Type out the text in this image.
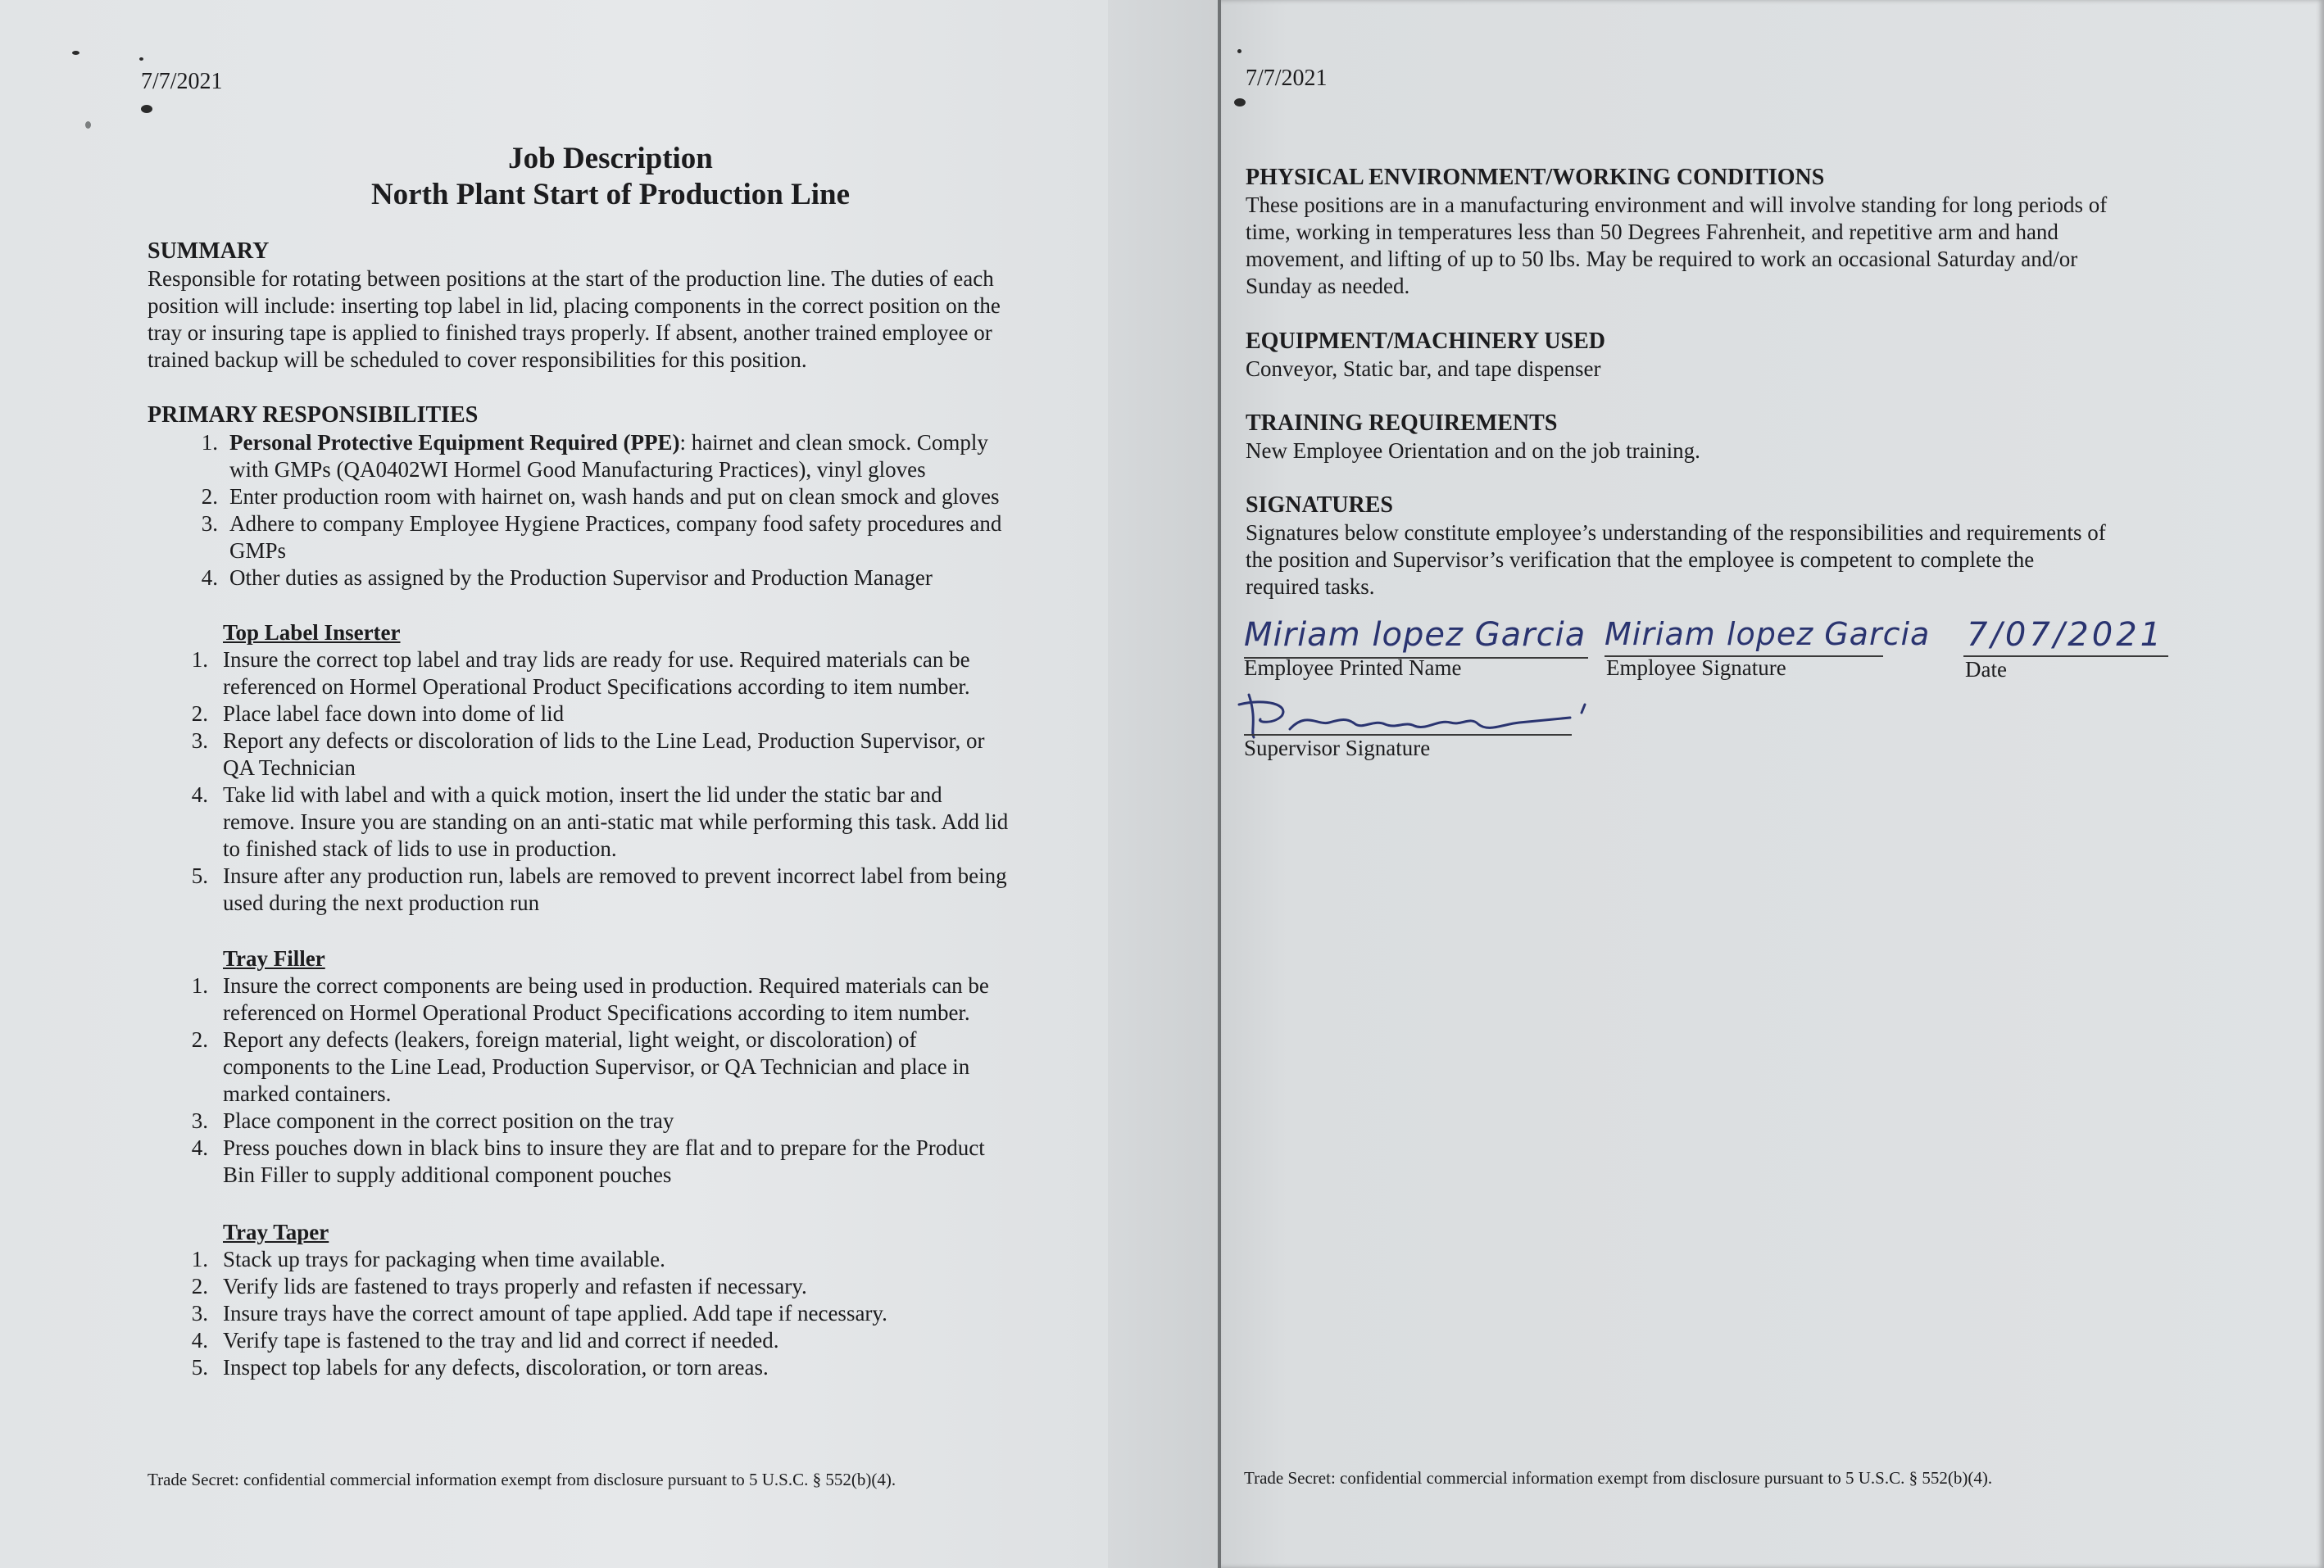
7/7/2021
Job Description
North Plant Start of Production Line
SUMMARY
Responsible for rotating between positions at the start of the production line. The duties of each
position will include: inserting top label in lid, placing components in the correct position on the
tray or insuring tape is applied to finished trays properly. If absent, another trained employee or
trained backup will be scheduled to cover responsibilities for this position.
PRIMARY RESPONSIBILITIES
1. Personal Protective Equipment Required (PPE): hairnet and clean smock. Comply
with GMPs (QA0402WI Hormel Good Manufacturing Practices), vinyl gloves
2. Enter production room with hairnet on, wash hands and put on clean smock and gloves
3. Adhere to company Employee Hygiene Practices, company food safety procedures and
GMPs
4. Other duties as assigned by the Production Supervisor and Production Manager
Top Label Inserter
1. Insure the correct top label and tray lids are ready for use. Required materials can be
referenced on Hormel Operational Product Specifications according to item number.
2. Place label face down into dome of lid
3. Report any defects or discoloration of lids to the Line Lead, Production Supervisor, or
QA Technician
4. Take lid with label and with a quick motion, insert the lid under the static bar and
remove. Insure you are standing on an anti-static mat while performing this task. Add lid
to finished stack of lids to use in production.
5. Insure after any production run, labels are removed to prevent incorrect label from being
used during the next production run
Tray Filler
1. Insure the correct components are being used in production. Required materials can be
referenced on Hormel Operational Product Specifications according to item number.
2. Report any defects (leakers, foreign material, light weight, or discoloration) of
components to the Line Lead, Production Supervisor, or QA Technician and place in
marked containers.
3. Place component in the correct position on the tray
4. Press pouches down in black bins to insure they are flat and to prepare for the Product
Bin Filler to supply additional component pouches
Tray Taper
1. Stack up trays for packaging when time available.
2. Verify lids are fastened to trays properly and refasten if necessary.
3. Insure trays have the correct amount of tape applied. Add tape if necessary.
4. Verify tape is fastened to the tray and lid and correct if needed.
5. Inspect top labels for any defects, discoloration, or torn areas.
Trade Secret: confidential commercial information exempt from disclosure pursuant to 5 U.S.C. § 552(b)(4).
7/7/2021
PHYSICAL ENVIRONMENT/WORKING CONDITIONS
These positions are in a manufacturing environment and will involve standing for long periods of
time, working in temperatures less than 50 Degrees Fahrenheit, and repetitive arm and hand
movement, and lifting of up to 50 lbs. May be required to work an occasional Saturday and/or
Sunday as needed.
EQUIPMENT/MACHINERY USED
Conveyor, Static bar, and tape dispenser
TRAINING REQUIREMENTS
New Employee Orientation and on the job training.
SIGNATURES
Signatures below constitute employee’s understanding of the responsibilities and requirements of
the position and Supervisor’s verification that the employee is competent to complete the
required tasks.
Miriam lopez Garcia
Employee Printed Name
Miriam lopez Garcia
Employee Signature
7/07/2021
Date
Supervisor Signature
Trade Secret: confidential commercial information exempt from disclosure pursuant to 5 U.S.C. § 552(b)(4).
